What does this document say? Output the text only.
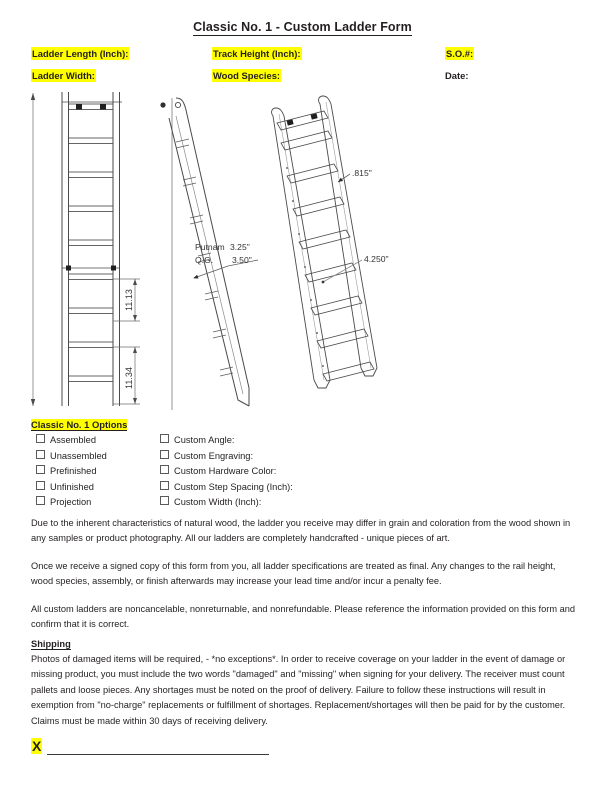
Classic No. 1 - Custom Ladder Form
Ladder Length (Inch):
Ladder Width:
Track Height (Inch):
Wood Species:
S.O.#:
Date:
11.13
11.34
Putnam 3.25"
Q.G. 3.50"
.815"
4.250"
Classic No. 1 Options
Assembled
Unassembled
Prefinished
Unfinished
Projection
Custom Angle:
Custom Engraving:
Custom Hardware Color:
Custom Step Spacing (Inch):
Custom Width (Inch):
Due to the inherent characteristics of natural wood, the ladder you receive may differ in grain and coloration from the wood shown in any samples or product photography. All our ladders are completely handcrafted - unique pieces of art.
Once we receive a signed copy of this form from you, all ladder specifications are treated as final. Any changes to the rail height, wood species, assembly, or finish afterwards may increase your lead time and/or incur a penalty fee.
All custom ladders are noncancelable, nonreturnable, and nonrefundable. Please reference the information provided on this form and confirm that it is correct.
Shipping
Photos of damaged items will be required, - *no exceptions*. In order to receive coverage on your ladder in the event of damage or missing product, you must include the two words "damaged" and "missing" when signing for your delivery. The receiver must count pallets and loose pieces. Any shortages must be noted on the proof of delivery. Failure to follow these instructions will result in exemption from "no-charge" replacements or fulfillment of shortages. Replacement/shortages will then be paid for by the customer. Claims must be made within 30 days of receiving delivery.
X
